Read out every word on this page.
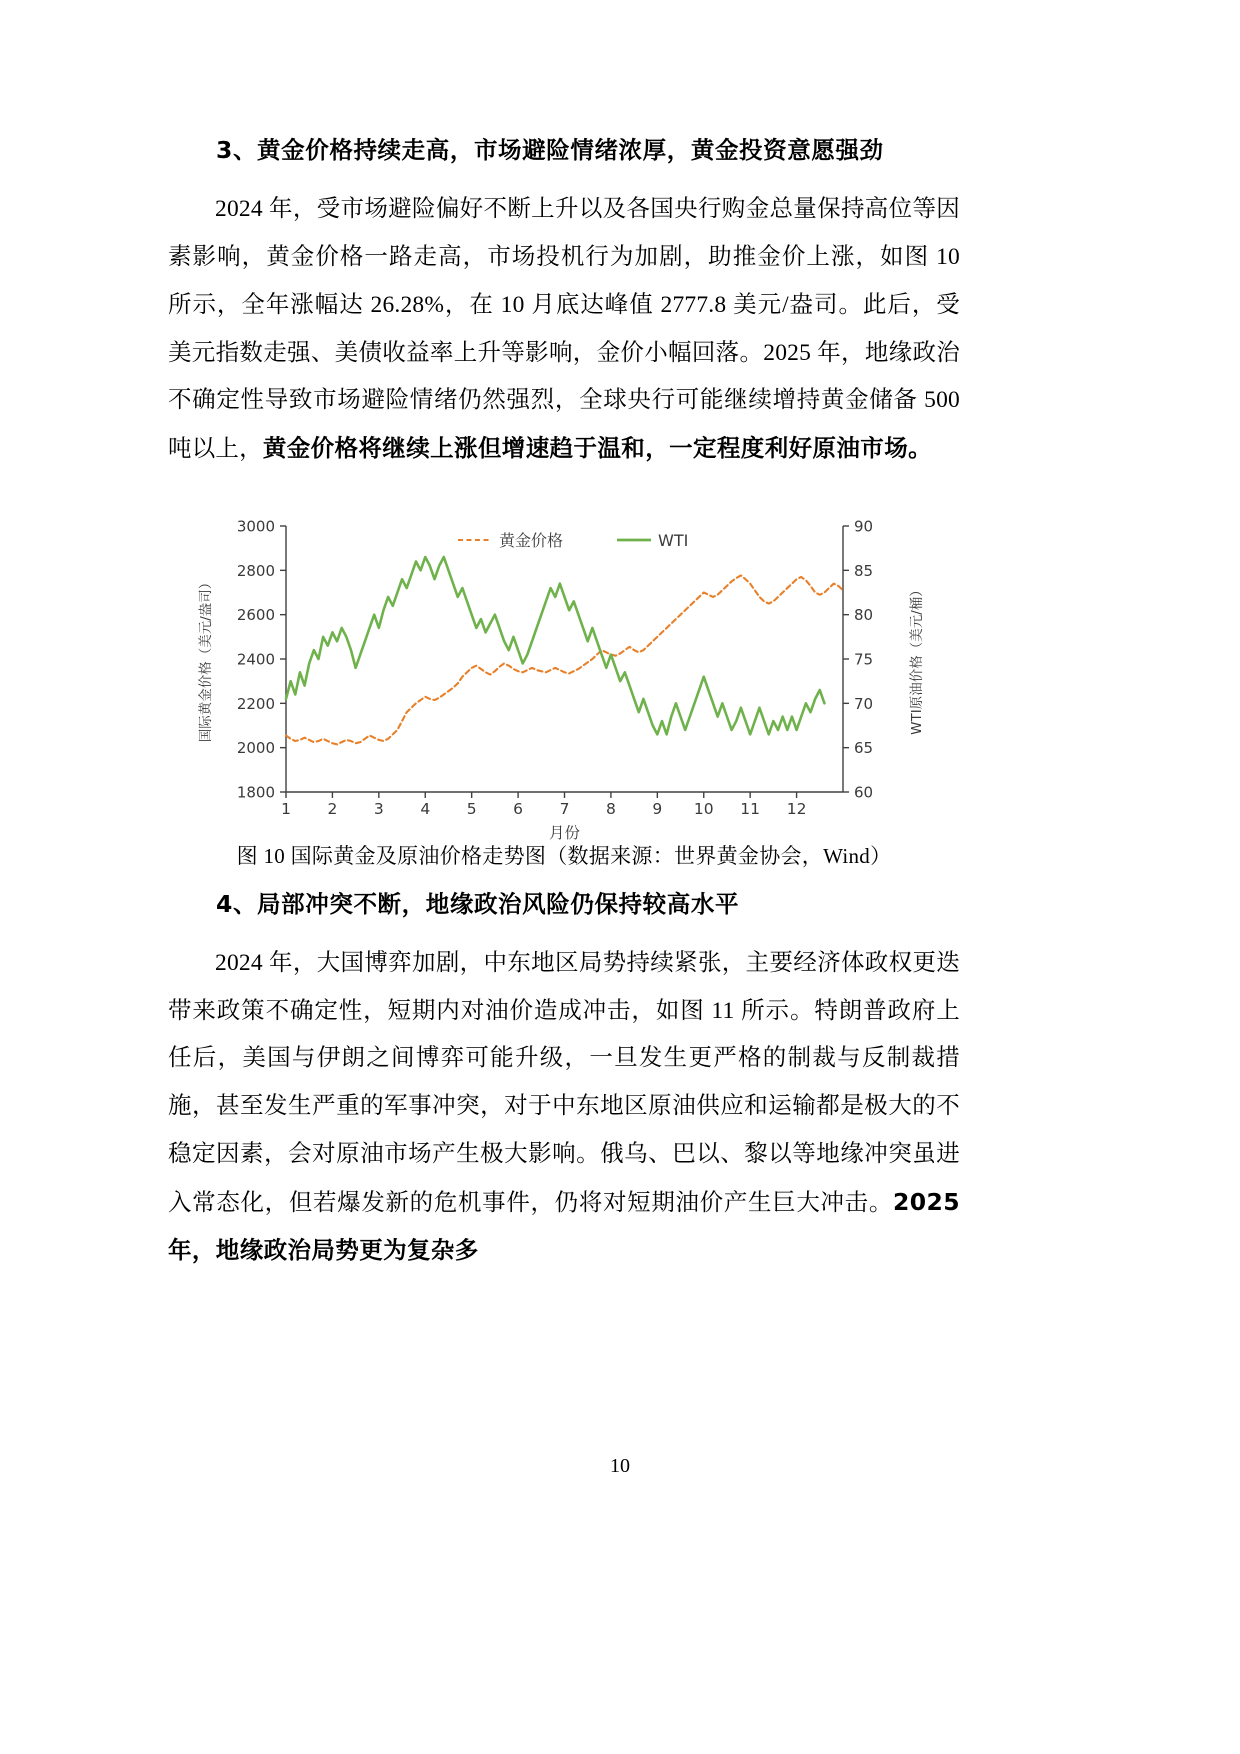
3、黄金价格持续走高，市场避险情绪浓厚，黄金投资意愿强劲

2024 年，受市场避险偏好不断上升以及各国央行购金总量保持高位等因素影响，黄金价格一路走高，市场投机行为加剧，助推金价上涨，如图 10 所示，全年涨幅达 26.28%，在 10 月底达峰值 2777.8 美元/盎司。此后，受美元指数走强、美债收益率上升等影响，金价小幅回落。2025 年，地缘政治不确定性导致市场避险情绪仍然强烈，全球央行可能继续增持黄金储备 500 吨以上，黄金价格将继续上涨但增速趋于温和，一定程度利好原油市场。

3000
2800
2600
2400
2200
2000
1800
90
85
80
75
70
65
60
1 2 3 4 5 6 7 8 9 10 11 12
月份
国际黄金价格（美元/盎司）	WTI原油价格（美元/桶）
黄金价格	WTI
图 10 国际黄金及原油价格走势图（数据来源：世界黄金协会，Wind）
4、局部冲突不断，地缘政治风险仍保持较高水平

2024 年，大国博弈加剧，中东地区局势持续紧张，主要经济体政权更迭带来政策不确定性，短期内对油价造成冲击，如图 11 所示。特朗普政府上任后，美国与伊朗之间博弈可能升级，一旦发生更严格的制裁与反制裁措施，甚至发生严重的军事冲突，对于中东地区原油供应和运输都是极大的不稳定因素，会对原油市场产生极大影响。俄乌、巴以、黎以等地缘冲突虽进入常态化，但若爆发新的危机事件，仍将对短期油价产生巨大冲击。2025 年，地缘政治局势更为复杂多

10
